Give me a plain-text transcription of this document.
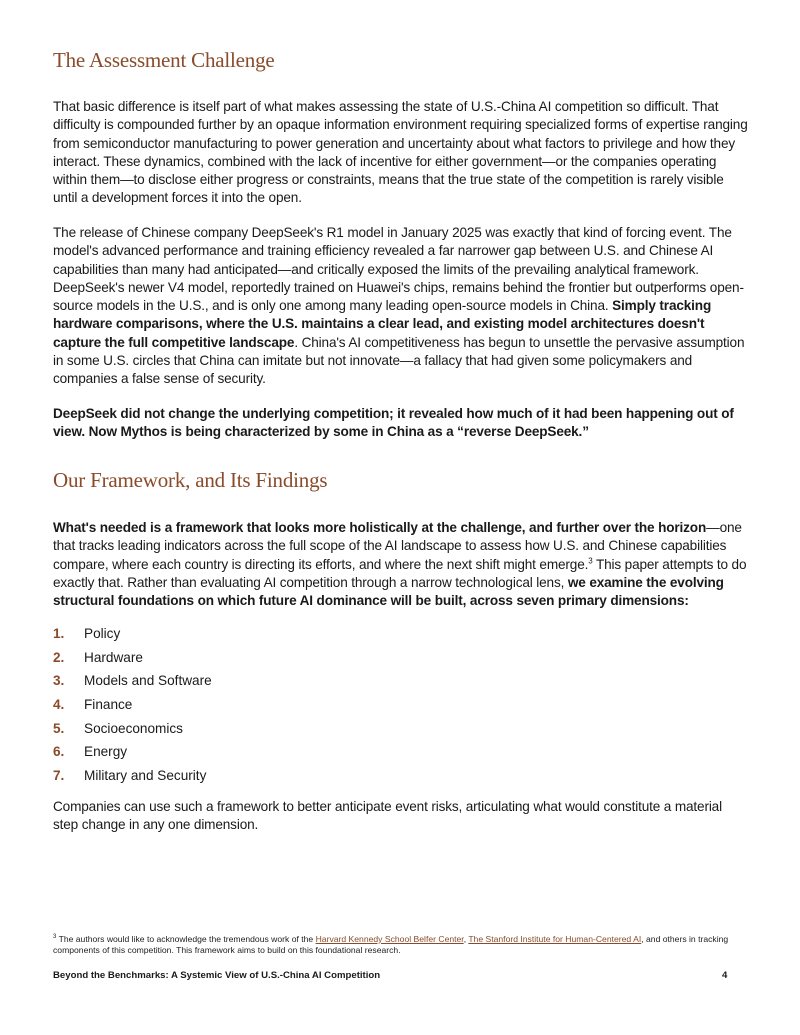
The Assessment Challenge

That basic difference is itself part of what makes assessing the state of U.S.-China AI competition so difficult. That difficulty is compounded further by an opaque information environment requiring specialized forms of expertise ranging from semiconductor manufacturing to power generation and uncertainty about what factors to privilege and how they interact. These dynamics, combined with the lack of incentive for either government—or the companies operating within them—to disclose either progress or constraints, means that the true state of the competition is rarely visible until a development forces it into the open.

The release of Chinese company DeepSeek's R1 model in January 2025 was exactly that kind of forcing event. The model's advanced performance and training efficiency revealed a far narrower gap between U.S. and Chinese AI capabilities than many had anticipated—and critically exposed the limits of the prevailing analytical framework. DeepSeek's newer V4 model, reportedly trained on Huawei's chips, remains behind the frontier but outperforms open-source models in the U.S., and is only one among many leading open-source models in China. Simply tracking hardware comparisons, where the U.S. maintains a clear lead, and existing model architectures doesn't capture the full competitive landscape. China's AI competitiveness has begun to unsettle the pervasive assumption in some U.S. circles that China can imitate but not innovate—a fallacy that had given some policymakers and companies a false sense of security.

DeepSeek did not change the underlying competition; it revealed how much of it had been happening out of view. Now Mythos is being characterized by some in China as a “reverse DeepSeek.”

Our Framework, and Its Findings

What's needed is a framework that looks more holistically at the challenge, and further over the horizon—one that tracks leading indicators across the full scope of the AI landscape to assess how U.S. and Chinese capabilities compare, where each country is directing its efforts, and where the next shift might emerge.$^3$ This paper attempts to do exactly that. Rather than evaluating AI competition through a narrow technological lens, we examine the evolving structural foundations on which future AI dominance will be built, across seven primary dimensions:

1.	Policy
2.	Hardware
3.	Models and Software
4.	Finance
5.	Socioeconomics
6.	Energy
7.	Military and Security

Companies can use such a framework to better anticipate event risks, articulating what would constitute a material step change in any one dimension.

$^3$ The authors would like to acknowledge the tremendous work of the Harvard Kennedy School Belfer Center, The Stanford Institute for Human-Centered AI, and others in tracking components of this competition. This framework aims to build on this foundational research.
Beyond the Benchmarks: A Systemic View of U.S.-China AI Competition	4
